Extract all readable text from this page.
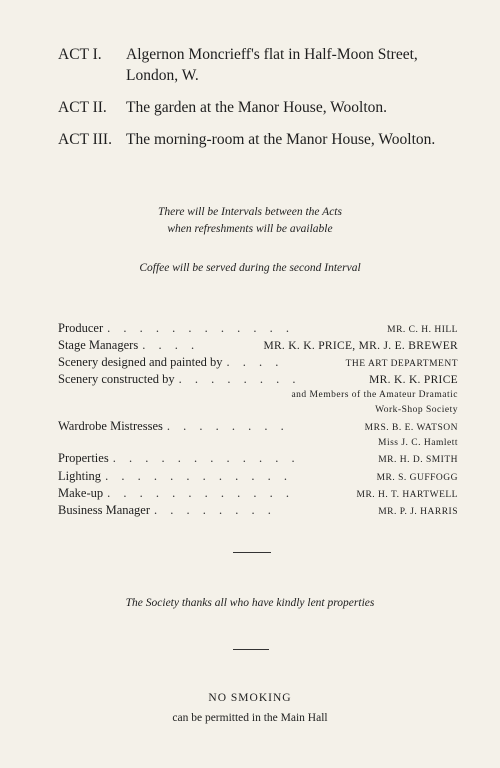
ACT I.	Algernon Moncrieff's flat in Half-Moon Street, London, W.
ACT II.	The garden at the Manor House, Woolton.
ACT III. The morning-room at the Manor House, Woolton.
There will be Intervals between the Acts
when refreshments will be available
Coffee will be served during the second Interval
Producer . . . . . . . . . . . .	MR. C. H. HILL
Stage Managers . . . .	MR. K. K. PRICE, MR. J. E. BREWER
Scenery designed and painted by . . . .	THE ART DEPARTMENT
Scenery constructed by . . . . . . . .	MR. K. K. PRICE
and Members of the Amateur Dramatic Work-Shop Society
Wardrobe Mistresses . . . . . . . .	MRS. B. E. WATSON
Miss J. C. Hamlett
Properties . . . . . . . . . . . .	MR. H. D. SMITH
Lighting . . . . . . . . . . . .	MR. S. GUFFOGG
Make-up . . . . . . . . . . . .	MR. H. T. HARTWELL
Business Manager . . . . . . . .	MR. P. J. HARRIS
The Society thanks all who have kindly lent properties
NO SMOKING
can be permitted in the Main Hall
